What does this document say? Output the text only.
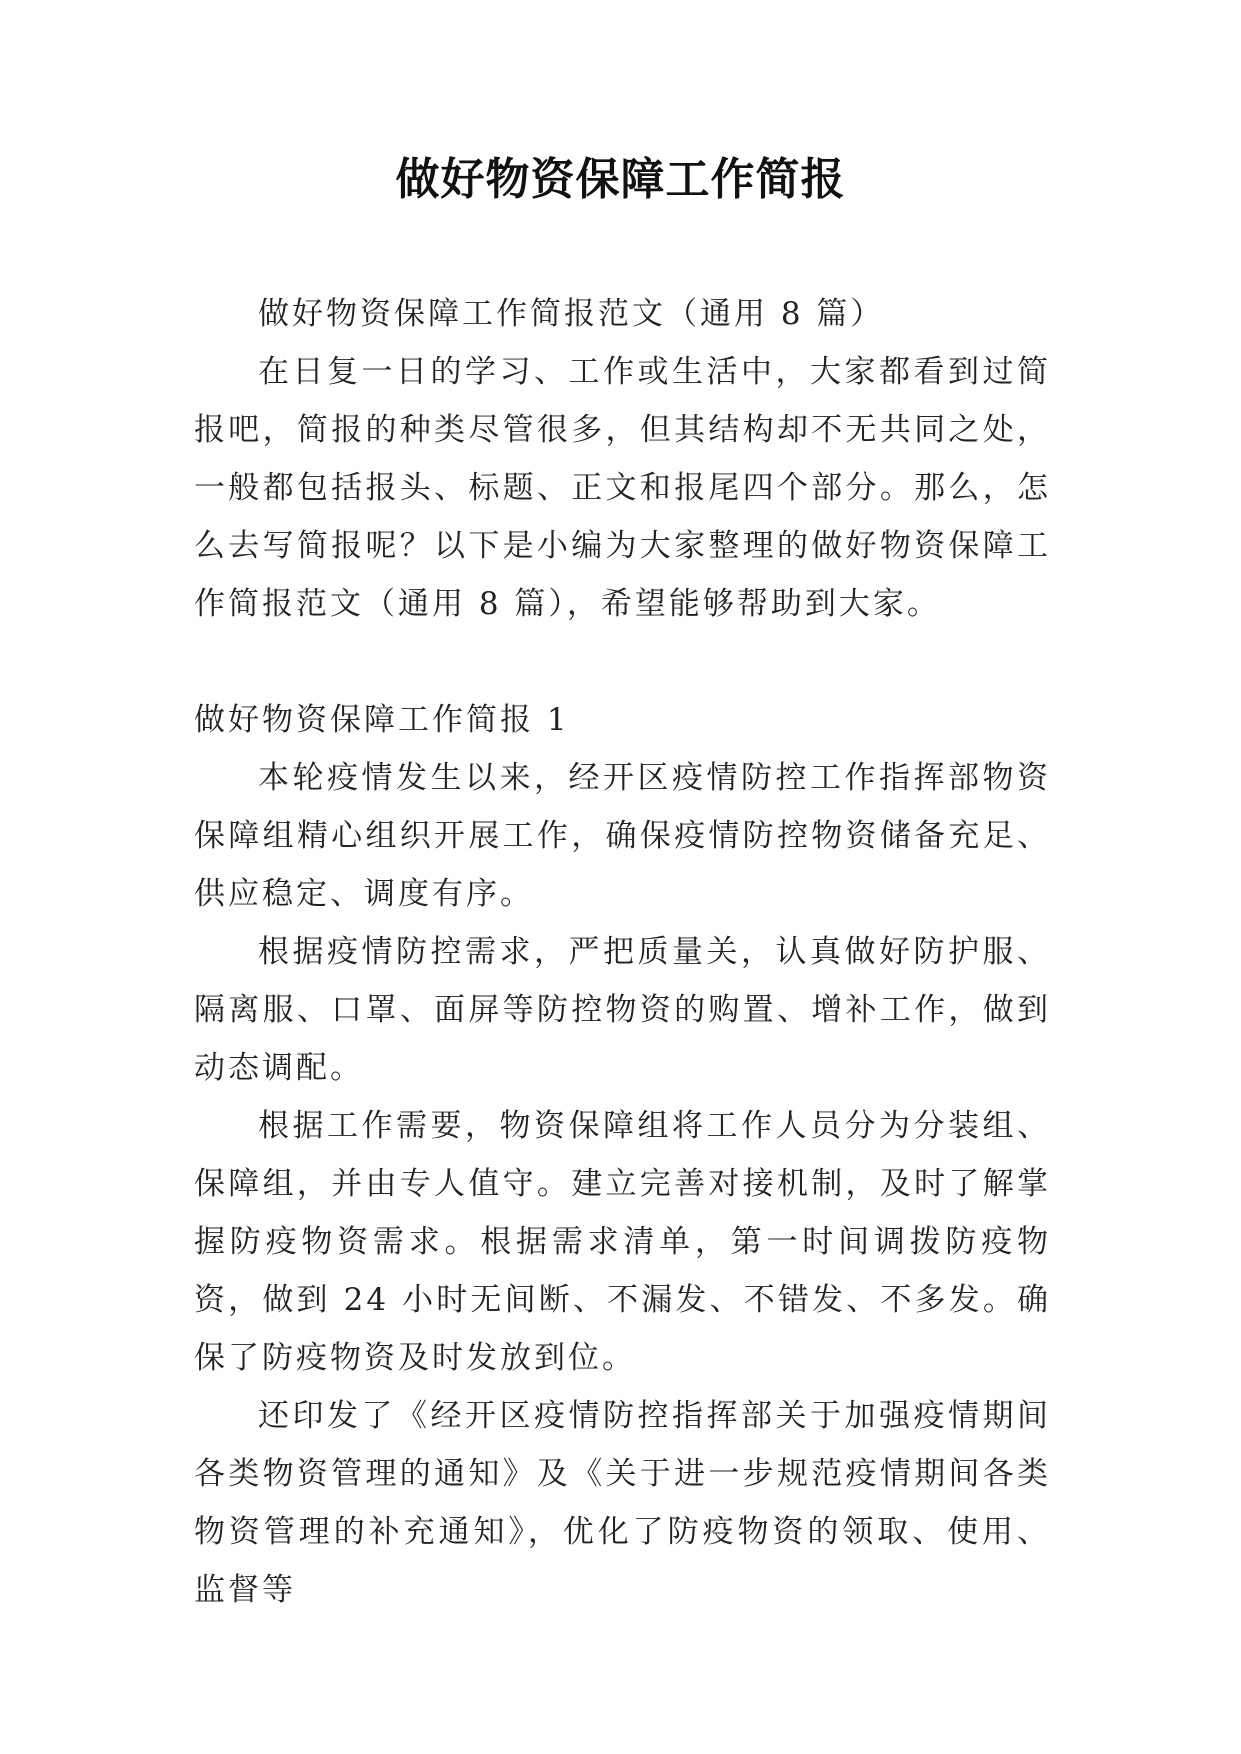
做好物资保障工作简报

做好物资保障工作简报范文（通用 8 篇）

在日复一日的学习、工作或生活中，大家都看到过简报吧，简报的种类尽管很多，但其结构却不无共同之处，一般都包括报头、标题、正文和报尾四个部分。那么，怎么去写简报呢？以下是小编为大家整理的做好物资保障工作简报范文（通用 8 篇），希望能够帮助到大家。

做好物资保障工作简报 1

本轮疫情发生以来，经开区疫情防控工作指挥部物资保障组精心组织开展工作，确保疫情防控物资储备充足、供应稳定、调度有序。

根据疫情防控需求，严把质量关，认真做好防护服、隔离服、口罩、面屏等防控物资的购置、增补工作，做到动态调配。

根据工作需要，物资保障组将工作人员分为分装组、保障组，并由专人值守。建立完善对接机制，及时了解掌握防疫物资需求。根据需求清单，第一时间调拨防疫物资，做到 24 小时无间断、不漏发、不错发、不多发。确保了防疫物资及时发放到位。

还印发了《经开区疫情防控指挥部关于加强疫情期间各类物资管理的通知》及《关于进一步规范疫情期间各类物资管理的补充通知》，优化了防疫物资的领取、使用、监督等
